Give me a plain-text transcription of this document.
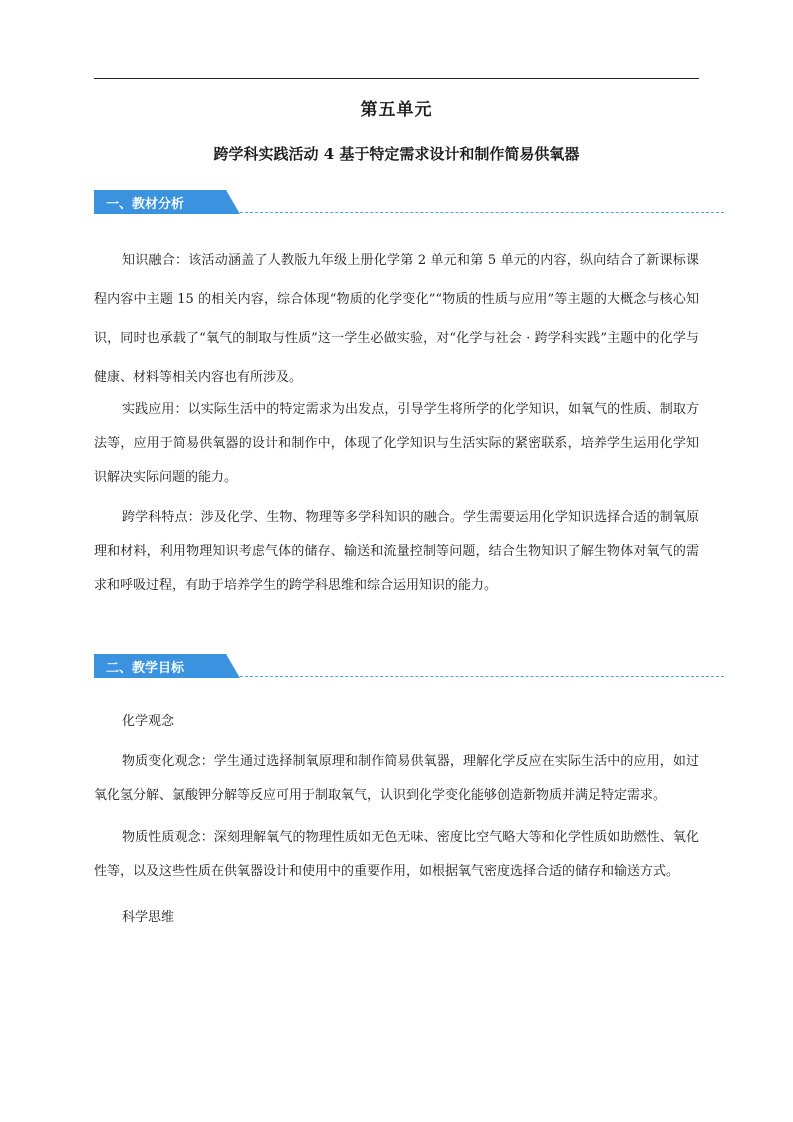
第五单元
跨学科实践活动 4 基于特定需求设计和制作简易供氧器
一、教材分析

知识融合：该活动涵盖了人教版九年级上册化学第 2 单元和第 5 单元的内容，纵向结合了新课标课程内容中主题 15 的相关内容，综合体现“物质的化学变化”“物质的性质与应用”等主题的大概念与核心知识，同时也承载了“氧气的制取与性质”这一学生必做实验，对“化学与社会 · 跨学科实践”主题中的化学与健康、材料等相关内容也有所涉及。

实践应用：以实际生活中的特定需求为出发点，引导学生将所学的化学知识，如氧气的性质、制取方法等，应用于简易供氧器的设计和制作中，体现了化学知识与生活实际的紧密联系，培养学生运用化学知识解决实际问题的能力。

跨学科特点：涉及化学、生物、物理等多学科知识的融合。学生需要运用化学知识选择合适的制氧原理和材料，利用物理知识考虑气体的储存、输送和流量控制等问题，结合生物知识了解生物体对氧气的需求和呼吸过程，有助于培养学生的跨学科思维和综合运用知识的能力。

二、教学目标

化学观念

物质变化观念：学生通过选择制氧原理和制作简易供氧器，理解化学反应在实际生活中的应用，如过氧化氢分解、氯酸钾分解等反应可用于制取氧气，认识到化学变化能够创造新物质并满足特定需求。

物质性质观念：深刻理解氧气的物理性质如无色无味、密度比空气略大等和化学性质如助燃性、氧化性等，以及这些性质在供氧器设计和使用中的重要作用，如根据氧气密度选择合适的储存和输送方式。

科学思维
